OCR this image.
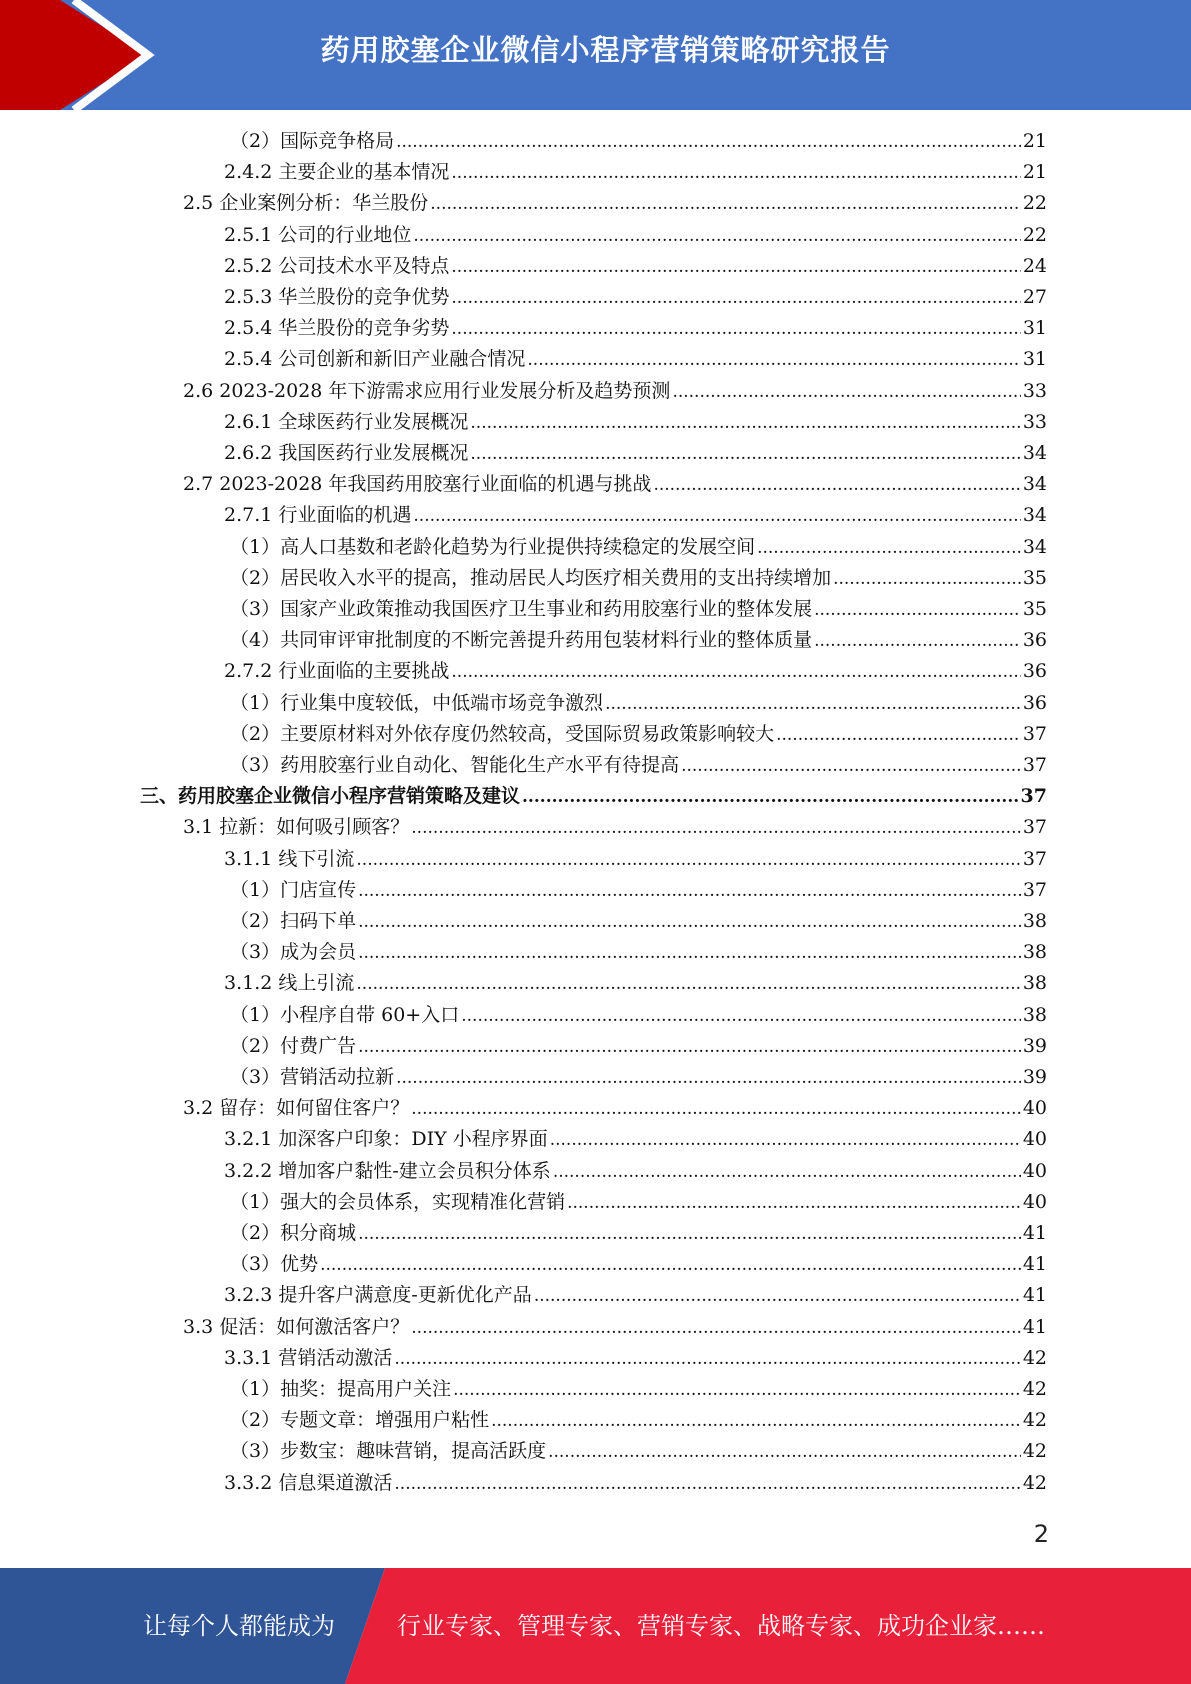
药用胶塞企业微信小程序营销策略研究报告
（2）国际竞争格局 .....	21
2.4.2 主要企业的基本情况 .....	21
2.5 企业案例分析：华兰股份 .....	22
2.5.1 公司的行业地位 .....	22
2.5.2 公司技术水平及特点 .....	24
2.5.3 华兰股份的竞争优势 .....	27
2.5.4 华兰股份的竞争劣势 .....	31
2.5.4 公司创新和新旧产业融合情况 .....	31
2.6 2023-2028 年下游需求应用行业发展分析及趋势预测 .....	33
2.6.1 全球医药行业发展概况 .....	33
2.6.2 我国医药行业发展概况 .....	34
2.7 2023-2028 年我国药用胶塞行业面临的机遇与挑战 .....	34
2.7.1 行业面临的机遇 .....	34
（1）高人口基数和老龄化趋势为行业提供持续稳定的发展空间 .....	34
（2）居民收入水平的提高，推动居民人均医疗相关费用的支出持续增加 .....	35
（3）国家产业政策推动我国医疗卫生事业和药用胶塞行业的整体发展 .....	35
（4）共同审评审批制度的不断完善提升药用包装材料行业的整体质量 .....	36
2.7.2 行业面临的主要挑战 .....	36
（1）行业集中度较低，中低端市场竞争激烈 .....	36
（2）主要原材料对外依存度仍然较高，受国际贸易政策影响较大 .....	37
（3）药用胶塞行业自动化、智能化生产水平有待提高 .....	37
三、药用胶塞企业微信小程序营销策略及建议 .....	37
3.1 拉新：如何吸引顾客？ .....	37
3.1.1 线下引流 .....	37
（1）门店宣传 .....	37
（2）扫码下单 .....	38
（3）成为会员 .....	38
3.1.2 线上引流 .....	38
（1）小程序自带 60+入口 .....	38
（2）付费广告 .....	39
（3）营销活动拉新 .....	39
3.2 留存：如何留住客户？ .....	40
3.2.1 加深客户印象：DIY 小程序界面 .....	40
3.2.2 增加客户黏性-建立会员积分体系 .....	40
（1）强大的会员体系，实现精准化营销 .....	40
（2）积分商城 .....	41
（3）优势 .....	41
3.2.3 提升客户满意度-更新优化产品 .....	41
3.3 促活：如何激活客户？ .....	41
3.3.1 营销活动激活 .....	42
（1）抽奖：提高用户关注 .....	42
（2）专题文章：增强用户粘性 .....	42
（3）步数宝：趣味营销，提高活跃度 .....	42
3.3.2 信息渠道激活 .....	42
2
让每个人都能成为	行业专家、管理专家、营销专家、战略专家、成功企业家……
